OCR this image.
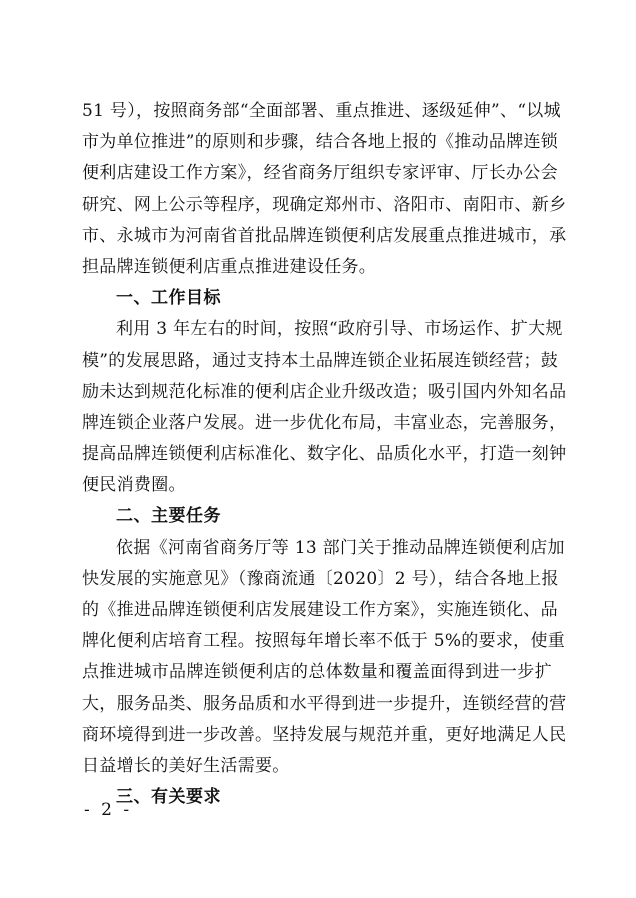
51 号），按照商务部“全面部署、重点推进、逐级延伸”、“以城
市为单位推进”的原则和步骤，结合各地上报的《推动品牌连锁
便利店建设工作方案》，经省商务厅组织专家评审、厅长办公会
研究、网上公示等程序，现确定郑州市、洛阳市、南阳市、新乡
市、永城市为河南省首批品牌连锁便利店发展重点推进城市，承
担品牌连锁便利店重点推进建设任务。
一、工作目标
利用 3 年左右的时间，按照“政府引导、市场运作、扩大规
模”的发展思路，通过支持本土品牌连锁企业拓展连锁经营；鼓
励未达到规范化标准的便利店企业升级改造；吸引国内外知名品
牌连锁企业落户发展。进一步优化布局，丰富业态，完善服务，
提高品牌连锁便利店标准化、数字化、品质化水平，打造一刻钟
便民消费圈。
二、主要任务
依据《河南省商务厅等 13 部门关于推动品牌连锁便利店加
快发展的实施意见》（豫商流通〔2020〕2 号），结合各地上报
的《推进品牌连锁便利店发展建设工作方案》，实施连锁化、品
牌化便利店培育工程。按照每年增长率不低于 5%的要求，使重
点推进城市品牌连锁便利店的总体数量和覆盖面得到进一步扩
大，服务品类、服务品质和水平得到进一步提升，连锁经营的营
商环境得到进一步改善。坚持发展与规范并重，更好地满足人民
日益增长的美好生活需要。
三、有关要求
- 2 -
